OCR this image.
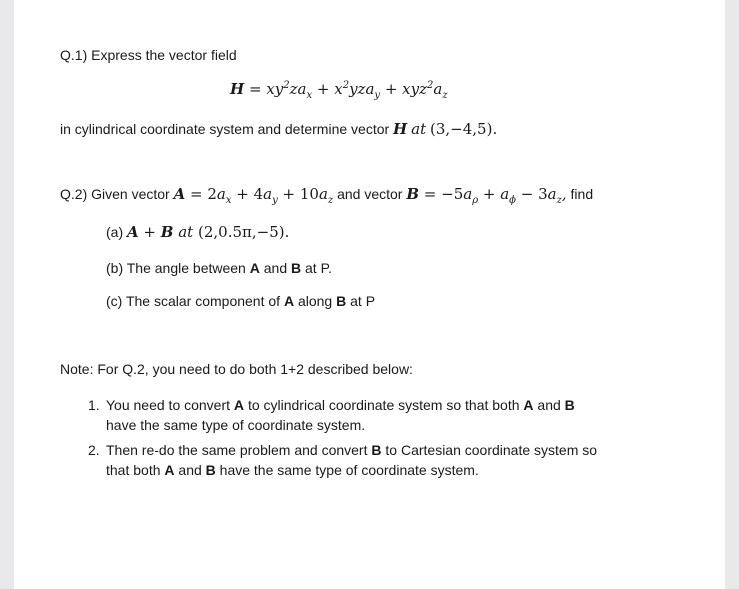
Q.1) Express the vector field
$H = xy^2za_x + x^2yza_y + xyz^2a_z$
in cylindrical coordinate system and determine vector H at (3,−4,5).
Q.2) Given vector $A = 2a_x + 4a_y + 10a_z$ and vector $B = -5a_\rho + a_\phi - 3a_z$, find
(a) A + B at (2,0.5π,−5).
(b) The angle between A and B at P.
(c) The scalar component of A along B at P
Note: For Q.2, you need to do both 1+2 described below:
1. You need to convert A to cylindrical coordinate system so that both A and B
have the same type of coordinate system.
2. Then re-do the same problem and convert B to Cartesian coordinate system so
that both A and B have the same type of coordinate system.
